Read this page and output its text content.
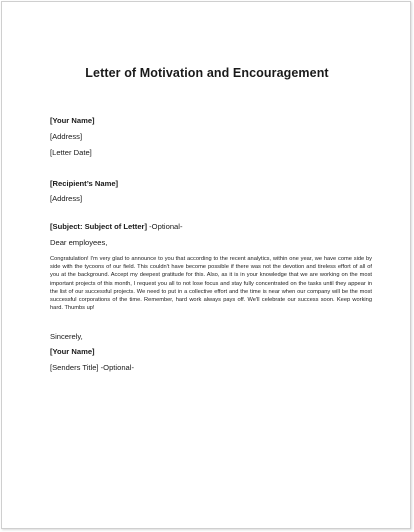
Letter of Motivation and Encouragement
[Your Name]
[Address]
[Letter Date]
[Recipient’s Name]
[Address]
[Subject: Subject of Letter] -Optional-
Dear employees,
Congratulation! I'm very glad to announce to you that according to the recent analytics, within one year, we have come side by side with the tycoons of our field. This couldn't have become possible if there was not the devotion and tireless effort of all of you at the background. Accept my deepest gratitude for this. Also, as it is in your knowledge that we are working on the most important projects of this month, I request you all to not lose focus and stay fully concentrated on the tasks until they appear in the list of our successful projects. We need to put in a collective effort and the time is near when our company will be the most successful corporations of the time. Remember, hard work always pays off. We'll celebrate our success soon. Keep working hard. Thumbs up!
Sincerely,
[Your Name]
[Senders Title] -Optional-
